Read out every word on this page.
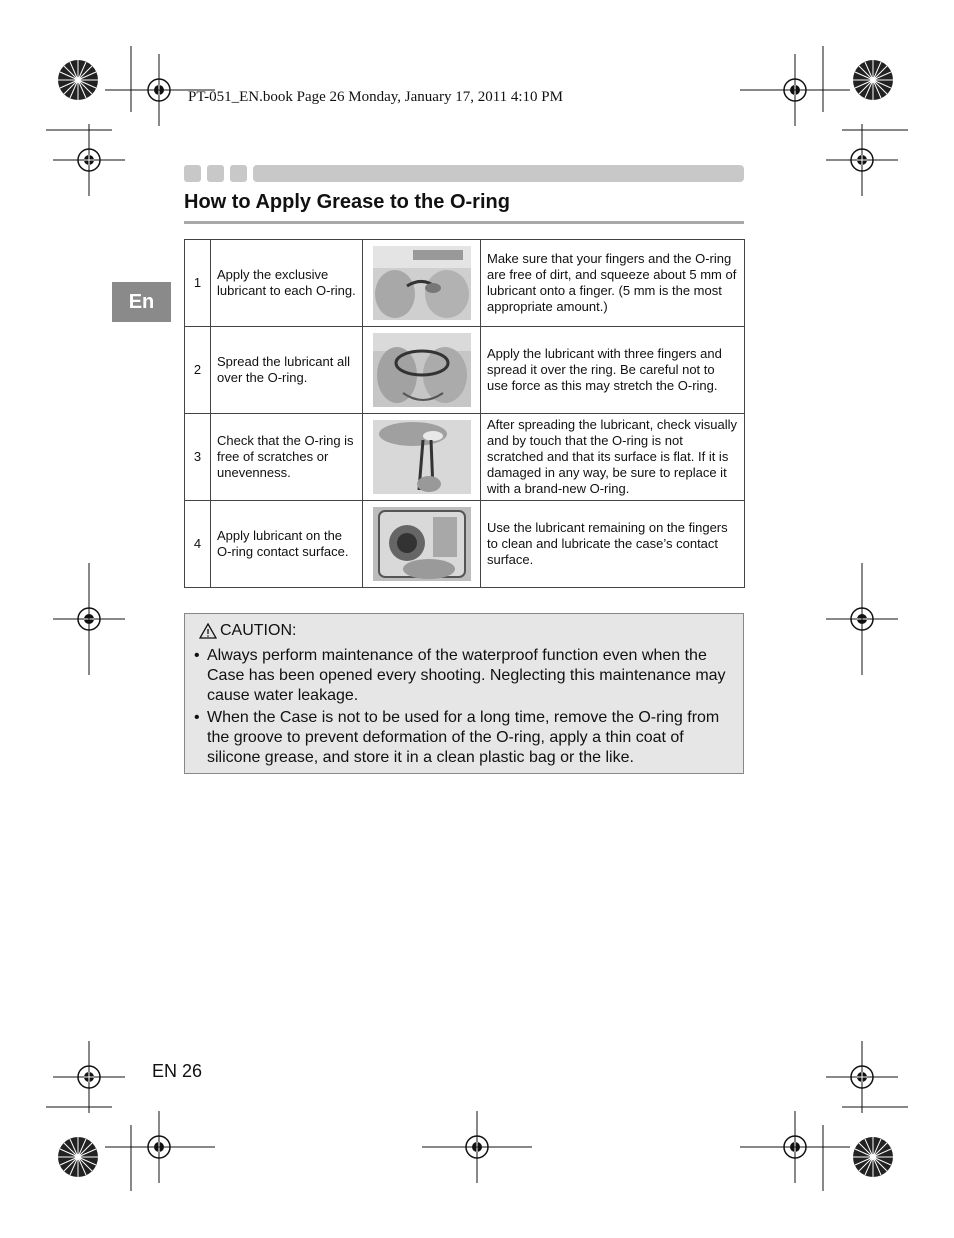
PT-051_EN.book Page 26 Monday, January 17, 2011 4:10 PM
How to Apply Grease to the O-ring
En
1	Apply the exclusive lubricant to each O-ring.		Make sure that your fingers and the O-ring are free of dirt, and squeeze about 5 mm of lubricant onto a finger. (5 mm is the most appropriate amount.)
2	Spread the lubricant all over the O-ring.		Apply the lubricant with three fingers and spread it over the ring. Be careful not to use force as this may stretch the O-ring.
3	Check that the O-ring is free of scratches or unevenness.		After spreading the lubricant, check visually and by touch that the O-ring is not scratched and that its surface is flat. If it is damaged in any way, be sure to replace it with a brand-new O-ring.
4	Apply lubricant on the O-ring contact surface.		Use the lubricant remaining on the fingers to clean and lubricate the case’s contact surface.
CAUTION:
• Always perform maintenance of the waterproof function even when the Case has been opened every shooting. Neglecting this maintenance may cause water leakage.
• When the Case is not to be used for a long time, remove the O-ring from the groove to prevent deformation of the O-ring, apply a thin coat of silicone grease, and store it in a clean plastic bag or the like.
EN 26
